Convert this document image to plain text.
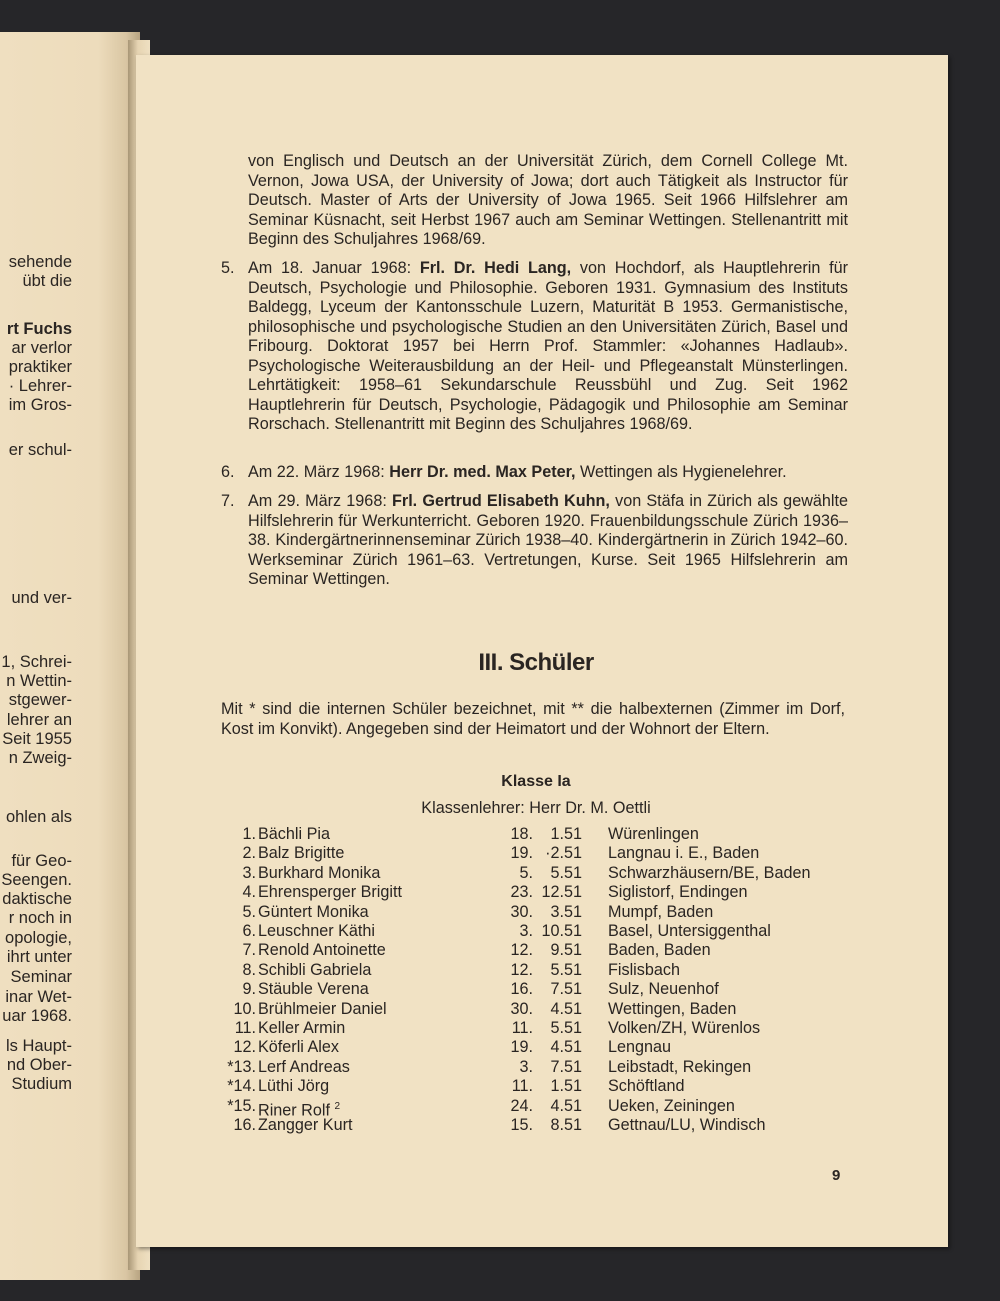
sehende
übt die
rt Fuchs
ar verlor
praktiker
· Lehrer-
im Gros-
er schul-
und ver-
1, Schrei-
n Wettin-
stgewer-
lehrer an
Seit 1955
n Zweig-
ohlen als
für Geo-
Seengen.
daktische
r noch in
opologie,
ihrt unter
Seminar
inar Wet-
uar 1968.
ls Haupt-
nd Ober-
Studium
von Englisch und Deutsch an der Universität Zürich, dem Cornell College Mt. Vernon, Jowa USA, der University of Jowa; dort auch Tätigkeit als Instructor für Deutsch. Master of Arts der University of Jowa 1965. Seit 1966 Hilfslehrer am Seminar Küsnacht, seit Herbst 1967 auch am Seminar Wettingen. Stellenantritt mit Beginn des Schuljahres 1968/69.
5. Am 18. Januar 1968: Frl. Dr. Hedi Lang, von Hochdorf, als Hauptlehrerin für Deutsch, Psychologie und Philosophie. Geboren 1931. Gymnasium des Instituts Baldegg, Lyceum der Kantonsschule Luzern, Maturität B 1953. Germanistische, philosophische und psychologische Studien an den Universitäten Zürich, Basel und Fribourg. Doktorat 1957 bei Herrn Prof. Stammler: «Johannes Hadlaub». Psychologische Weiterausbildung an der Heil- und Pflegeanstalt Münsterlingen. Lehrtätigkeit: 1958–61 Sekundarschule Reussbühl und Zug. Seit 1962 Hauptlehrerin für Deutsch, Psychologie, Pädagogik und Philosophie am Seminar Rorschach. Stellenantritt mit Beginn des Schuljahres 1968/69.
6. Am 22. März 1968: Herr Dr. med. Max Peter, Wettingen als Hygienelehrer.
7. Am 29. März 1968: Frl. Gertrud Elisabeth Kuhn, von Stäfa in Zürich als gewählte Hilfslehrerin für Werkunterricht. Geboren 1920. Frauenbildungsschule Zürich 1936–38. Kindergärtnerinnenseminar Zürich 1938–40. Kindergärtnerin in Zürich 1942–60. Werkseminar Zürich 1961–63. Vertretungen, Kurse. Seit 1965 Hilfslehrerin am Seminar Wettingen.
III. Schüler
Mit * sind die internen Schüler bezeichnet, mit ** die halbexternen (Zimmer im Dorf, Kost im Konvikt). Angegeben sind der Heimatort und der Wohnort der Eltern.
Klasse Ia
Klassenlehrer: Herr Dr. M. Oettli
1. Bächli Pia	18.	1. 51	Würenlingen
2. Balz Brigitte	19. ·2. 51	Langnau i. E., Baden
3. Burkhard Monika	5.	5. 51	Schwarzhäusern/BE, Baden
4. Ehrensperger Brigitt	23. 12. 51	Siglistorf, Endingen
5. Güntert Monika	30.	3. 51	Mumpf, Baden
6. Leuschner Käthi	3. 10. 51	Basel, Untersiggenthal
7. Renold Antoinette	12.	9. 51	Baden, Baden
8. Schibli Gabriela	12.	5. 51	Fislisbach
9. Stäuble Verena	16.	7. 51	Sulz, Neuenhof
10. Brühlmeier Daniel	30.	4. 51	Wettingen, Baden
11. Keller Armin	11.	5. 51	Volken/ZH, Würenlos
12. Köferli Alex	19.	4. 51	Lengnau
*13. Lerf Andreas	3.	7. 51	Leibstadt, Rekingen
*14. Lüthi Jörg	11.	1. 51	Schöftland
*15. Riner Rolf $^2$	24.	4. 51	Ueken, Zeiningen
16. Zangger Kurt	15.	8. 51	Gettnau/LU, Windisch
9
